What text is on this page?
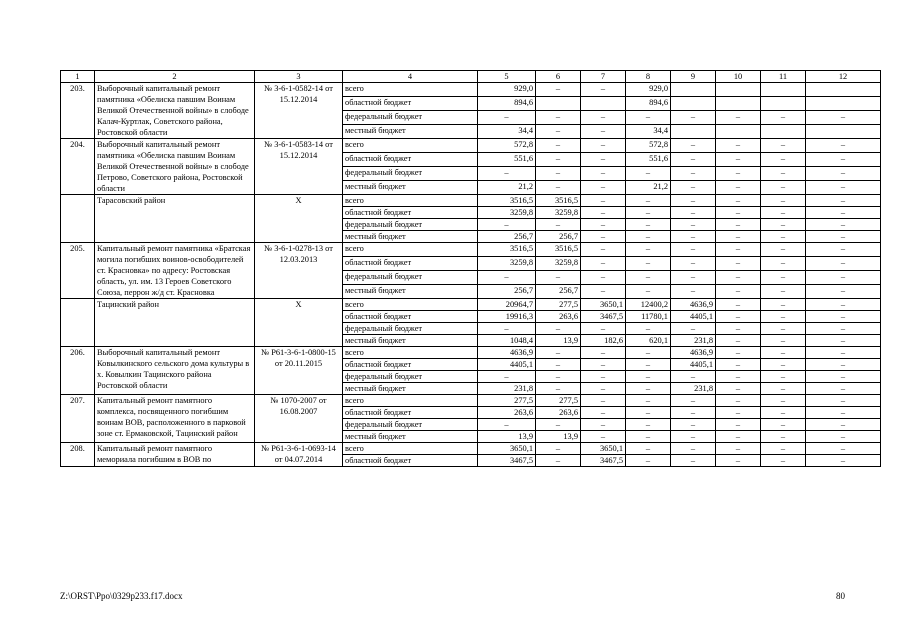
1	2	3	4	5	6	7	8	9	10	11	12
203.	Выборочный капитальный ремонт памятника «Обелиска павшим Воинам Великой Отечественной войны» в слободе Калач-Куртлак, Советского района, Ростовской области	№ 3-6-1-0582-14 от 15.12.2014	всего	929,0	–	–	929,0				
			областной бюджет	894,6			894,6				
			федеральный бюджет	–	–	–	–	–	–	–	–
			местный бюджет	34,4	–	–	34,4				
204.	Выборочный капитальный ремонт памятника «Обелиска павшим Воинам Великой Отечественной войны» в слободе Петрово, Советского района, Ростовской области	№ 3-6-1-0583-14 от 15.12.2014	всего	572,8	–	–	572,8	–	–	–	–
			областной бюджет	551,6	–	–	551,6	–	–	–	–
			федеральный бюджет	–	–	–	–	–	–	–	–
			местный бюджет	21,2	–	–	21,2	–	–	–	–
	Тарасовский район	Х	всего	3516,5	3516,5	–	–	–	–	–	–
			областной бюджет	3259,8	3259,8	–	–	–	–	–	–
			федеральный бюджет	–	–	–	–	–	–	–	–
			местный бюджет	256,7	256,7	–	–	–	–	–	–
205.	Капитальный ремонт памятника «Братская могила погибших воинов-освободителей ст. Красновка» по адресу: Ростовская область, ул. им. 13 Героев Советского Союза, перрон ж/д ст. Красновка	№ 3-6-1-0278-13 от 12.03.2013	всего	3516,5	3516,5	–	–	–	–	–	–
			областной бюджет	3259,8	3259,8	–	–	–	–	–	–
			федеральный бюджет	–	–	–	–	–	–	–	–
			местный бюджет	256,7	256,7	–	–	–	–	–	–
	Тацинский район	Х	всего	20964,7	277,5	3650,1	12400,2	4636,9	–	–	–
			областной бюджет	19916,3	263,6	3467,5	11780,1	4405,1	–	–	–
			федеральный бюджет	–	–	–	–	–	–	–	–
			местный бюджет	1048,4	13,9	182,6	620,1	231,8	–	–	–
206.	Выборочный капитальный ремонт Ковылкинского сельского дома культуры в х. Ковылкин Тацинского района Ростовской области	№ Р61-3-6-1-0800-15 от 20.11.2015	всего	4636,9	–	–	–	4636,9	–	–	–
			областной бюджет	4405,1	–	–	–	4405,1	–	–	–
			федеральный бюджет	–	–	–	–	–	–	–	–
			местный бюджет	231,8	–	–	–	231,8	–	–	–
207.	Капитальный ремонт памятного комплекса, посвященного погибшим воинам ВОВ, расположенного в парковой зоне ст. Ермаковской, Тацинский район	№ 1070-2007 от 16.08.2007	всего	277,5	277,5	–	–	–	–	–	–
			областной бюджет	263,6	263,6	–	–	–	–	–	–
			федеральный бюджет	–	–	–	–	–	–	–	–
			местный бюджет	13,9	13,9	–	–	–	–	–	–
208.	Капитальный ремонт памятного мемориала погибшим в ВОВ по	№ Р61-3-6-1-0693-14 от 04.07.2014	всего	3650,1	–	3650,1	–	–	–	–	–
			областной бюджет	3467,5	–	3467,5	–	–	–	–	–
Z:\ORST\Ppo\0329p233.f17.docx	80
